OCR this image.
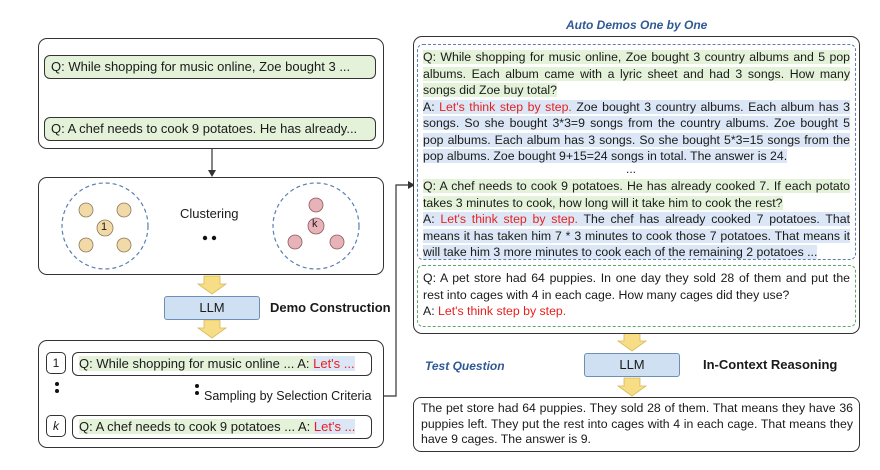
Q: While shopping for music online, Zoe bought 3 ...
Q: A chef needs to cook 9 potatoes. He has already...
Clustering
1	k
LLM	Demo Construction
1	Q: While shopping for music online ... A: Let's ...
Sampling by Selection Criteria
k	Q: A chef needs to cook 9 potatoes ... A: Let's ...
Auto Demos One by One
Q: While shopping for music online, Zoe bought 3 country albums and 5 pop albums. Each album came with a lyric sheet and had 3 songs. How many songs did Zoe buy total?
A: Let's think step by step. Zoe bought 3 country albums. Each album has 3 songs. So she bought 3*3=9 songs from the country albums. Zoe bought 5 pop albums. Each album has 3 songs. So she bought 5*3=15 songs from the pop albums. Zoe bought 9+15=24 songs in total. The answer is 24.
...
Q: A chef needs to cook 9 potatoes. He has already cooked 7. If each potato takes 3 minutes to cook, how long will it take him to cook the rest?
A: Let's think step by step. The chef has already cooked 7 potatoes. That means it has taken him 7 * 3 minutes to cook those 7 potatoes. That means it will take him 3 more minutes to cook each of the remaining 2 potatoes ...
Q: A pet store had 64 puppies. In one day they sold 28 of them and put the rest into cages with 4 in each cage. How many cages did they use?
A: Let's think step by step.
Test Question	LLM	In-Context Reasoning
The pet store had 64 puppies. They sold 28 of them. That means they have 36 puppies left. They put the rest into cages with 4 in each cage. That means they have 9 cages. The answer is 9.
